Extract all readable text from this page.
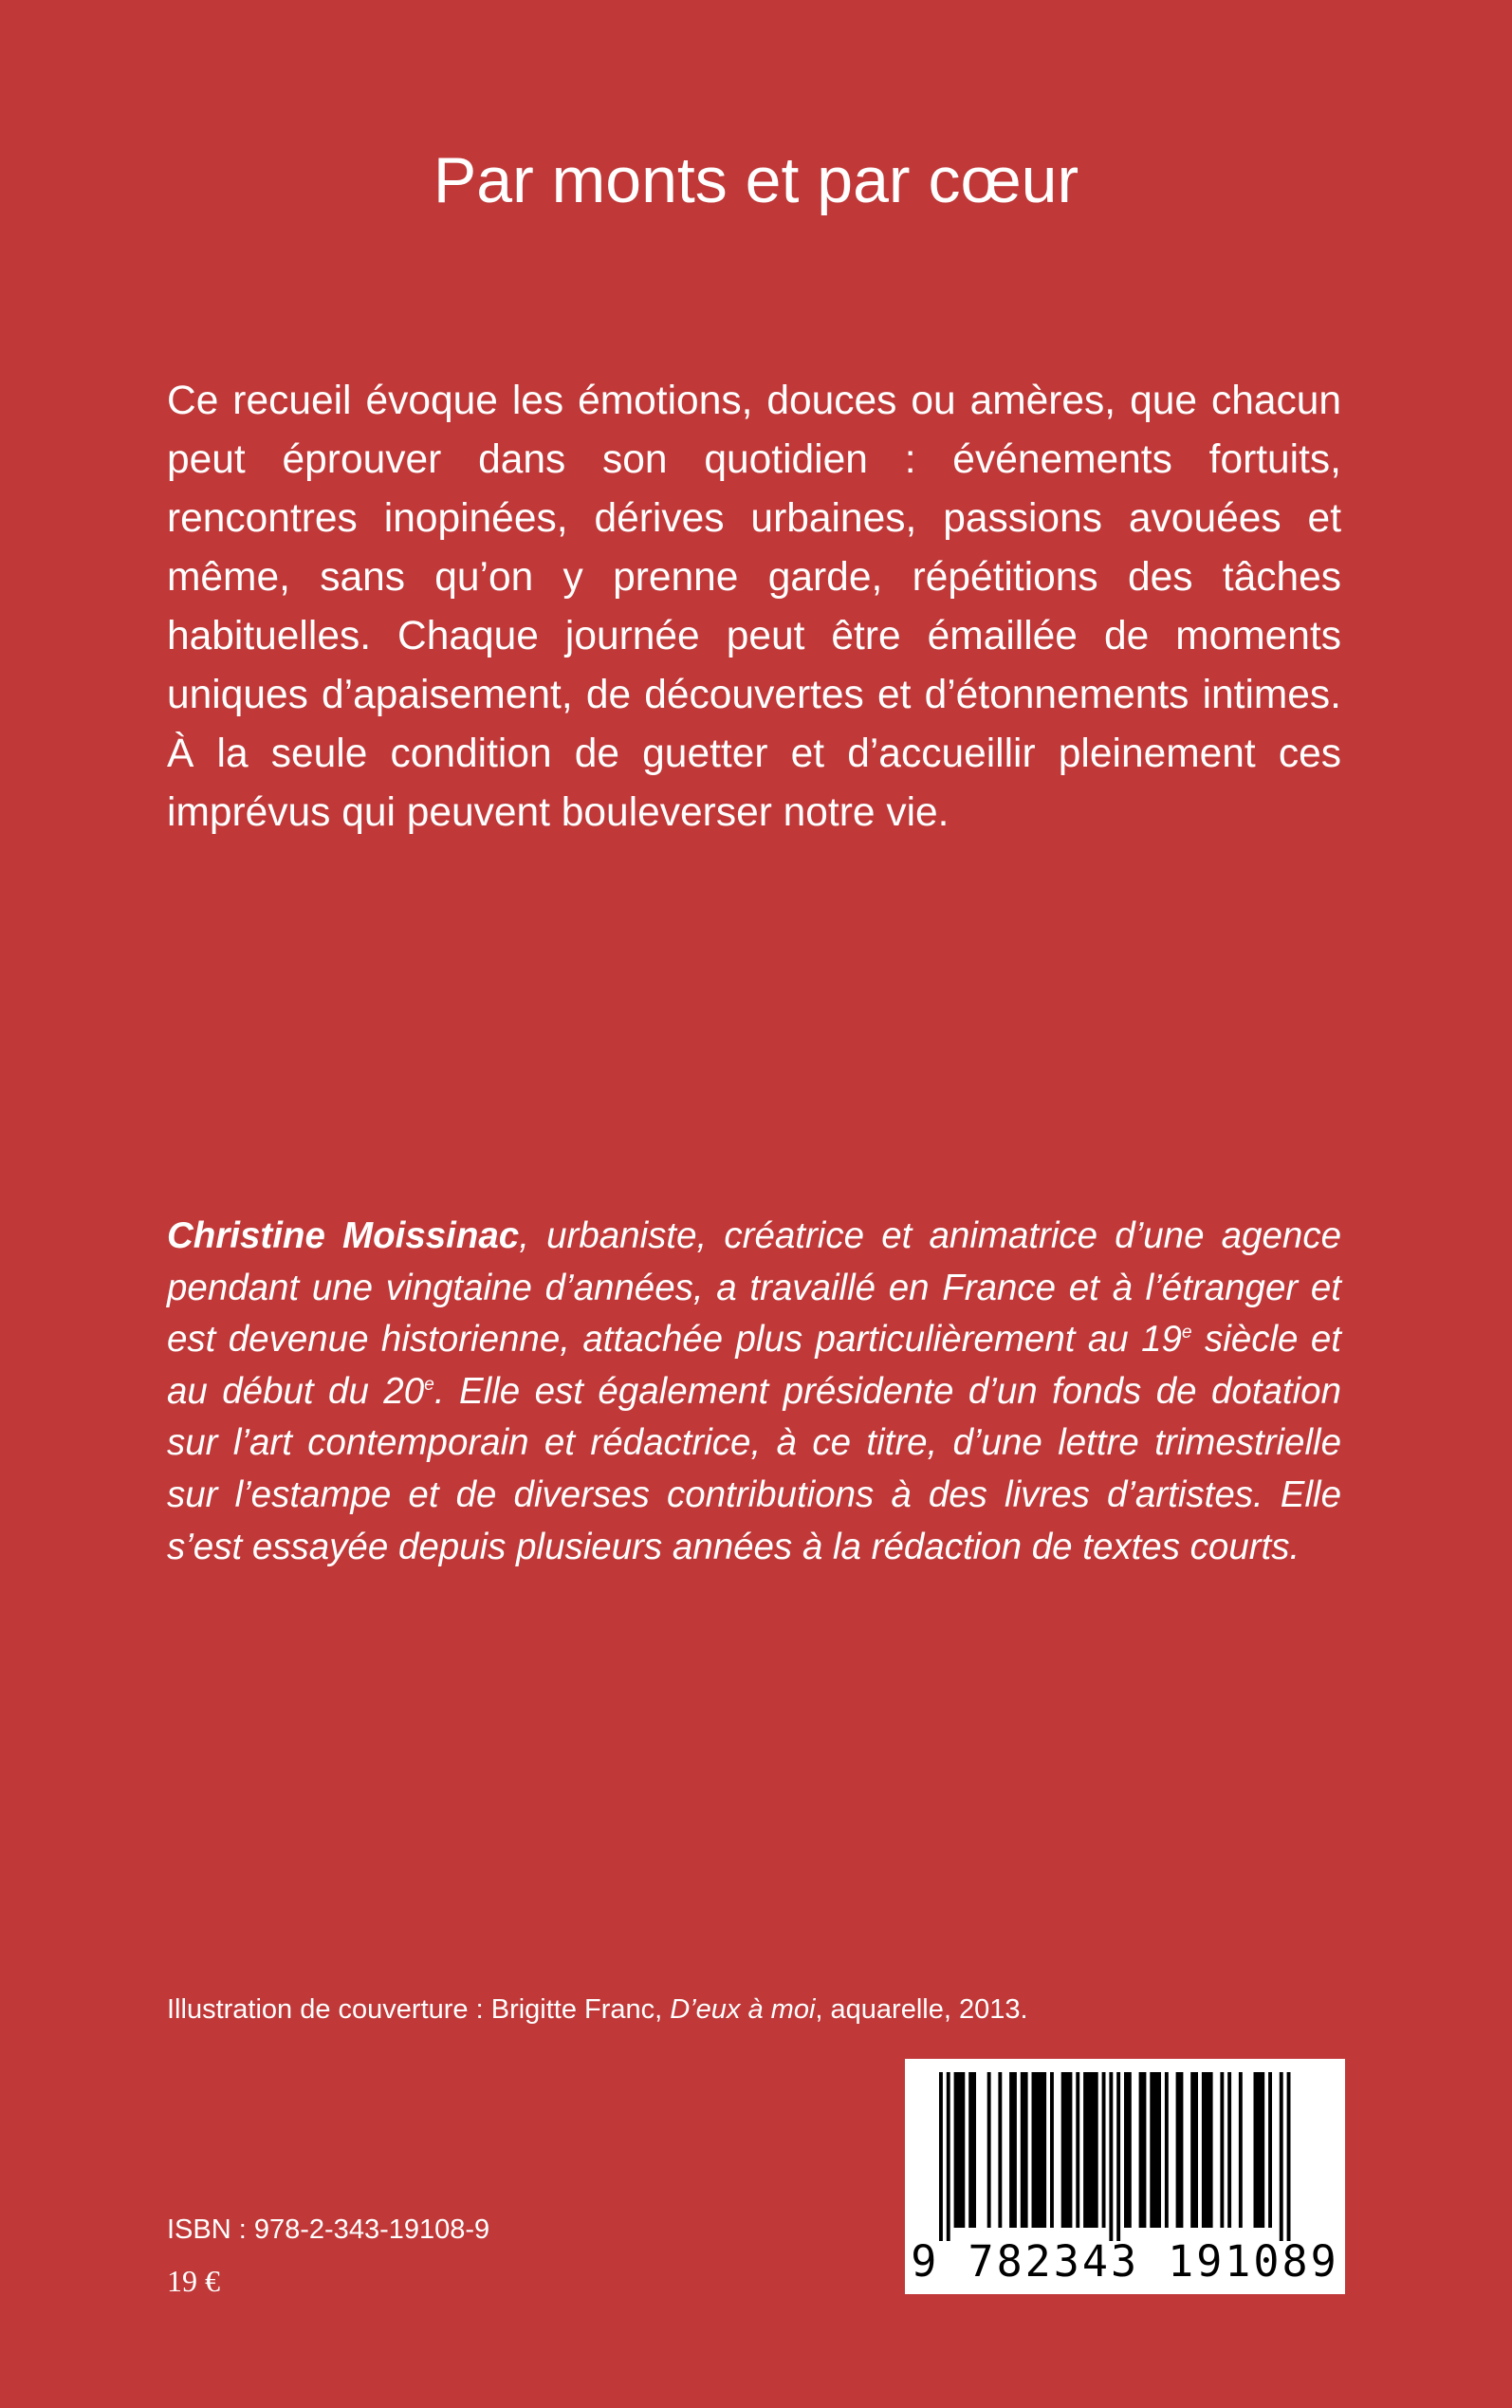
Par monts et par cœur

Ce recueil évoque les émotions, douces ou amères, que chacun peut éprouver dans son quotidien : événements fortuits, rencontres inopinées, dérives urbaines, passions avouées et même, sans qu’on y prenne garde, répétitions des tâches habituelles. Chaque journée peut être émaillée de moments uniques d’apaisement, de découvertes et d’étonnements intimes. À la seule condition de guetter et d’accueillir pleinement ces imprévus qui peuvent bouleverser notre vie.

Christine Moissinac, urbaniste, créatrice et animatrice d’une agence pendant une vingtaine d’années, a travaillé en France et à l’étranger et est devenue historienne, attachée plus particulièrement au 19e siècle et au début du 20e. Elle est également présidente d’un fonds de dotation sur l’art contemporain et rédactrice, à ce titre, d’une lettre trimestrielle sur l’estampe et de diverses contributions à des livres d’artistes. Elle s’est essayée depuis plusieurs années à la rédaction de textes courts.

Illustration de couverture : Brigitte Franc, D’eux à moi, aquarelle, 2013.
ISBN : 978-2-343-19108-9
19 €	9 782343 191089
